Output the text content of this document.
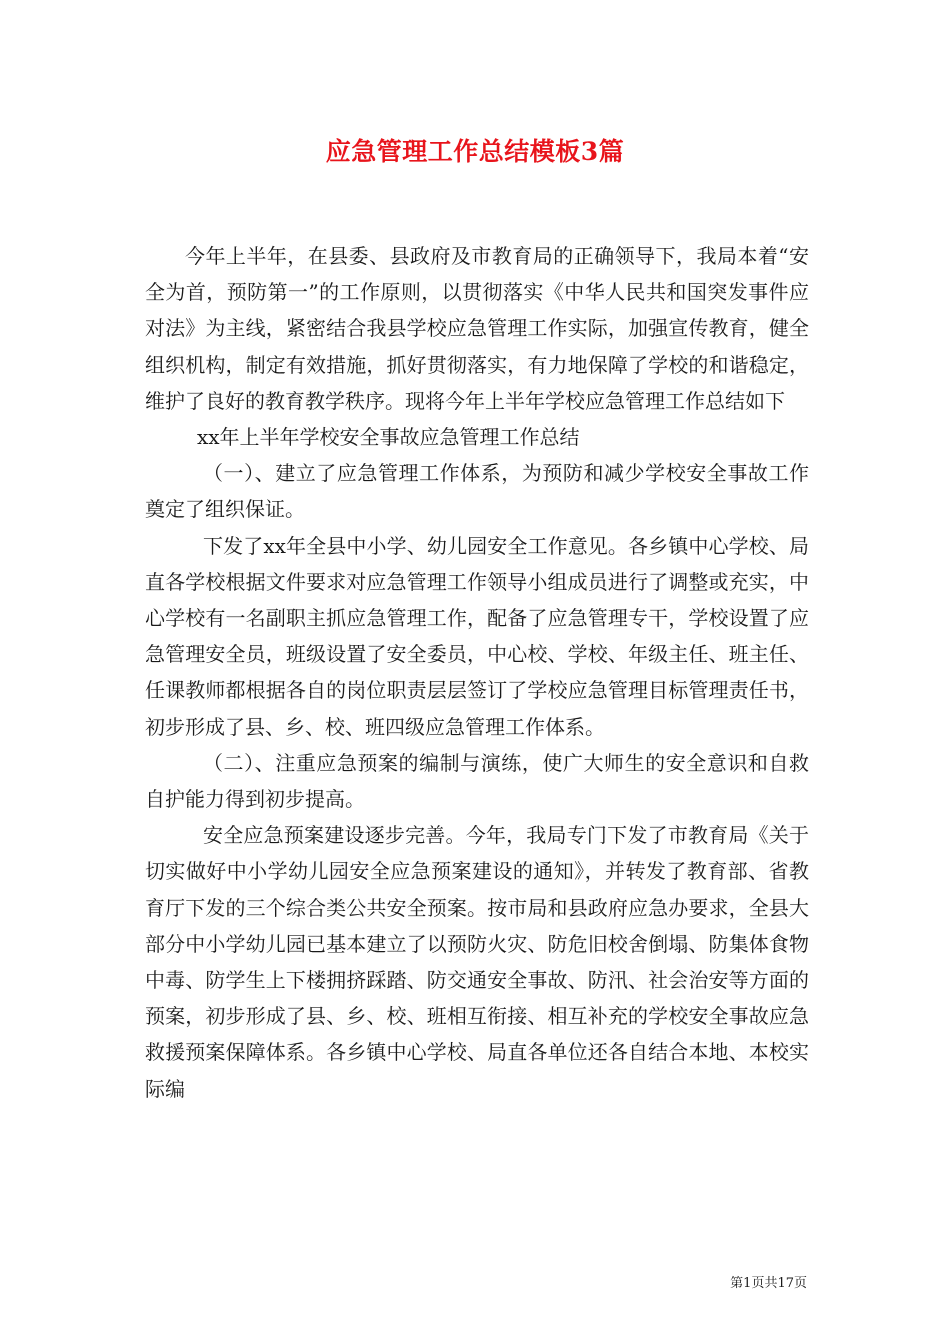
应急管理工作总结模板3篇

今年上半年，在县委、县政府及市教育局的正确领导下，我局本着“安全为首，预防第一”的工作原则，以贯彻落实《中华人民共和国突发事件应对法》为主线，紧密结合我县学校应急管理工作实际，加强宣传教育，健全组织机构，制定有效措施，抓好贯彻落实，有力地保障了学校的和谐稳定，维护了良好的教育教学秩序。现将今年上半年学校应急管理工作总结如下

xx年上半年学校安全事故应急管理工作总结

（一）、建立了应急管理工作体系，为预防和减少学校安全事故工作奠定了组织保证。

下发了xx年全县中小学、幼儿园安全工作意见。各乡镇中心学校、局直各学校根据文件要求对应急管理工作领导小组成员进行了调整或充实，中心学校有一名副职主抓应急管理工作，配备了应急管理专干，学校设置了应急管理安全员，班级设置了安全委员，中心校、学校、年级主任、班主任、任课教师都根据各自的岗位职责层层签订了学校应急管理目标管理责任书，初步形成了县、乡、校、班四级应急管理工作体系。

（二）、注重应急预案的编制与演练，使广大师生的安全意识和自救自护能力得到初步提高。

安全应急预案建设逐步完善。今年，我局专门下发了市教育局《关于切实做好中小学幼儿园安全应急预案建设的通知》，并转发了教育部、省教育厅下发的三个综合类公共安全预案。按市局和县政府应急办要求，全县大部分中小学幼儿园已基本建立了以预防火灾、防危旧校舍倒塌、防集体食物中毒、防学生上下楼拥挤踩踏、防交通安全事故、防汛、社会治安等方面的预案，初步形成了县、乡、校、班相互衔接、相互补充的学校安全事故应急救援预案保障体系。各乡镇中心学校、局直各单位还各自结合本地、本校实际编

第1页共17页
